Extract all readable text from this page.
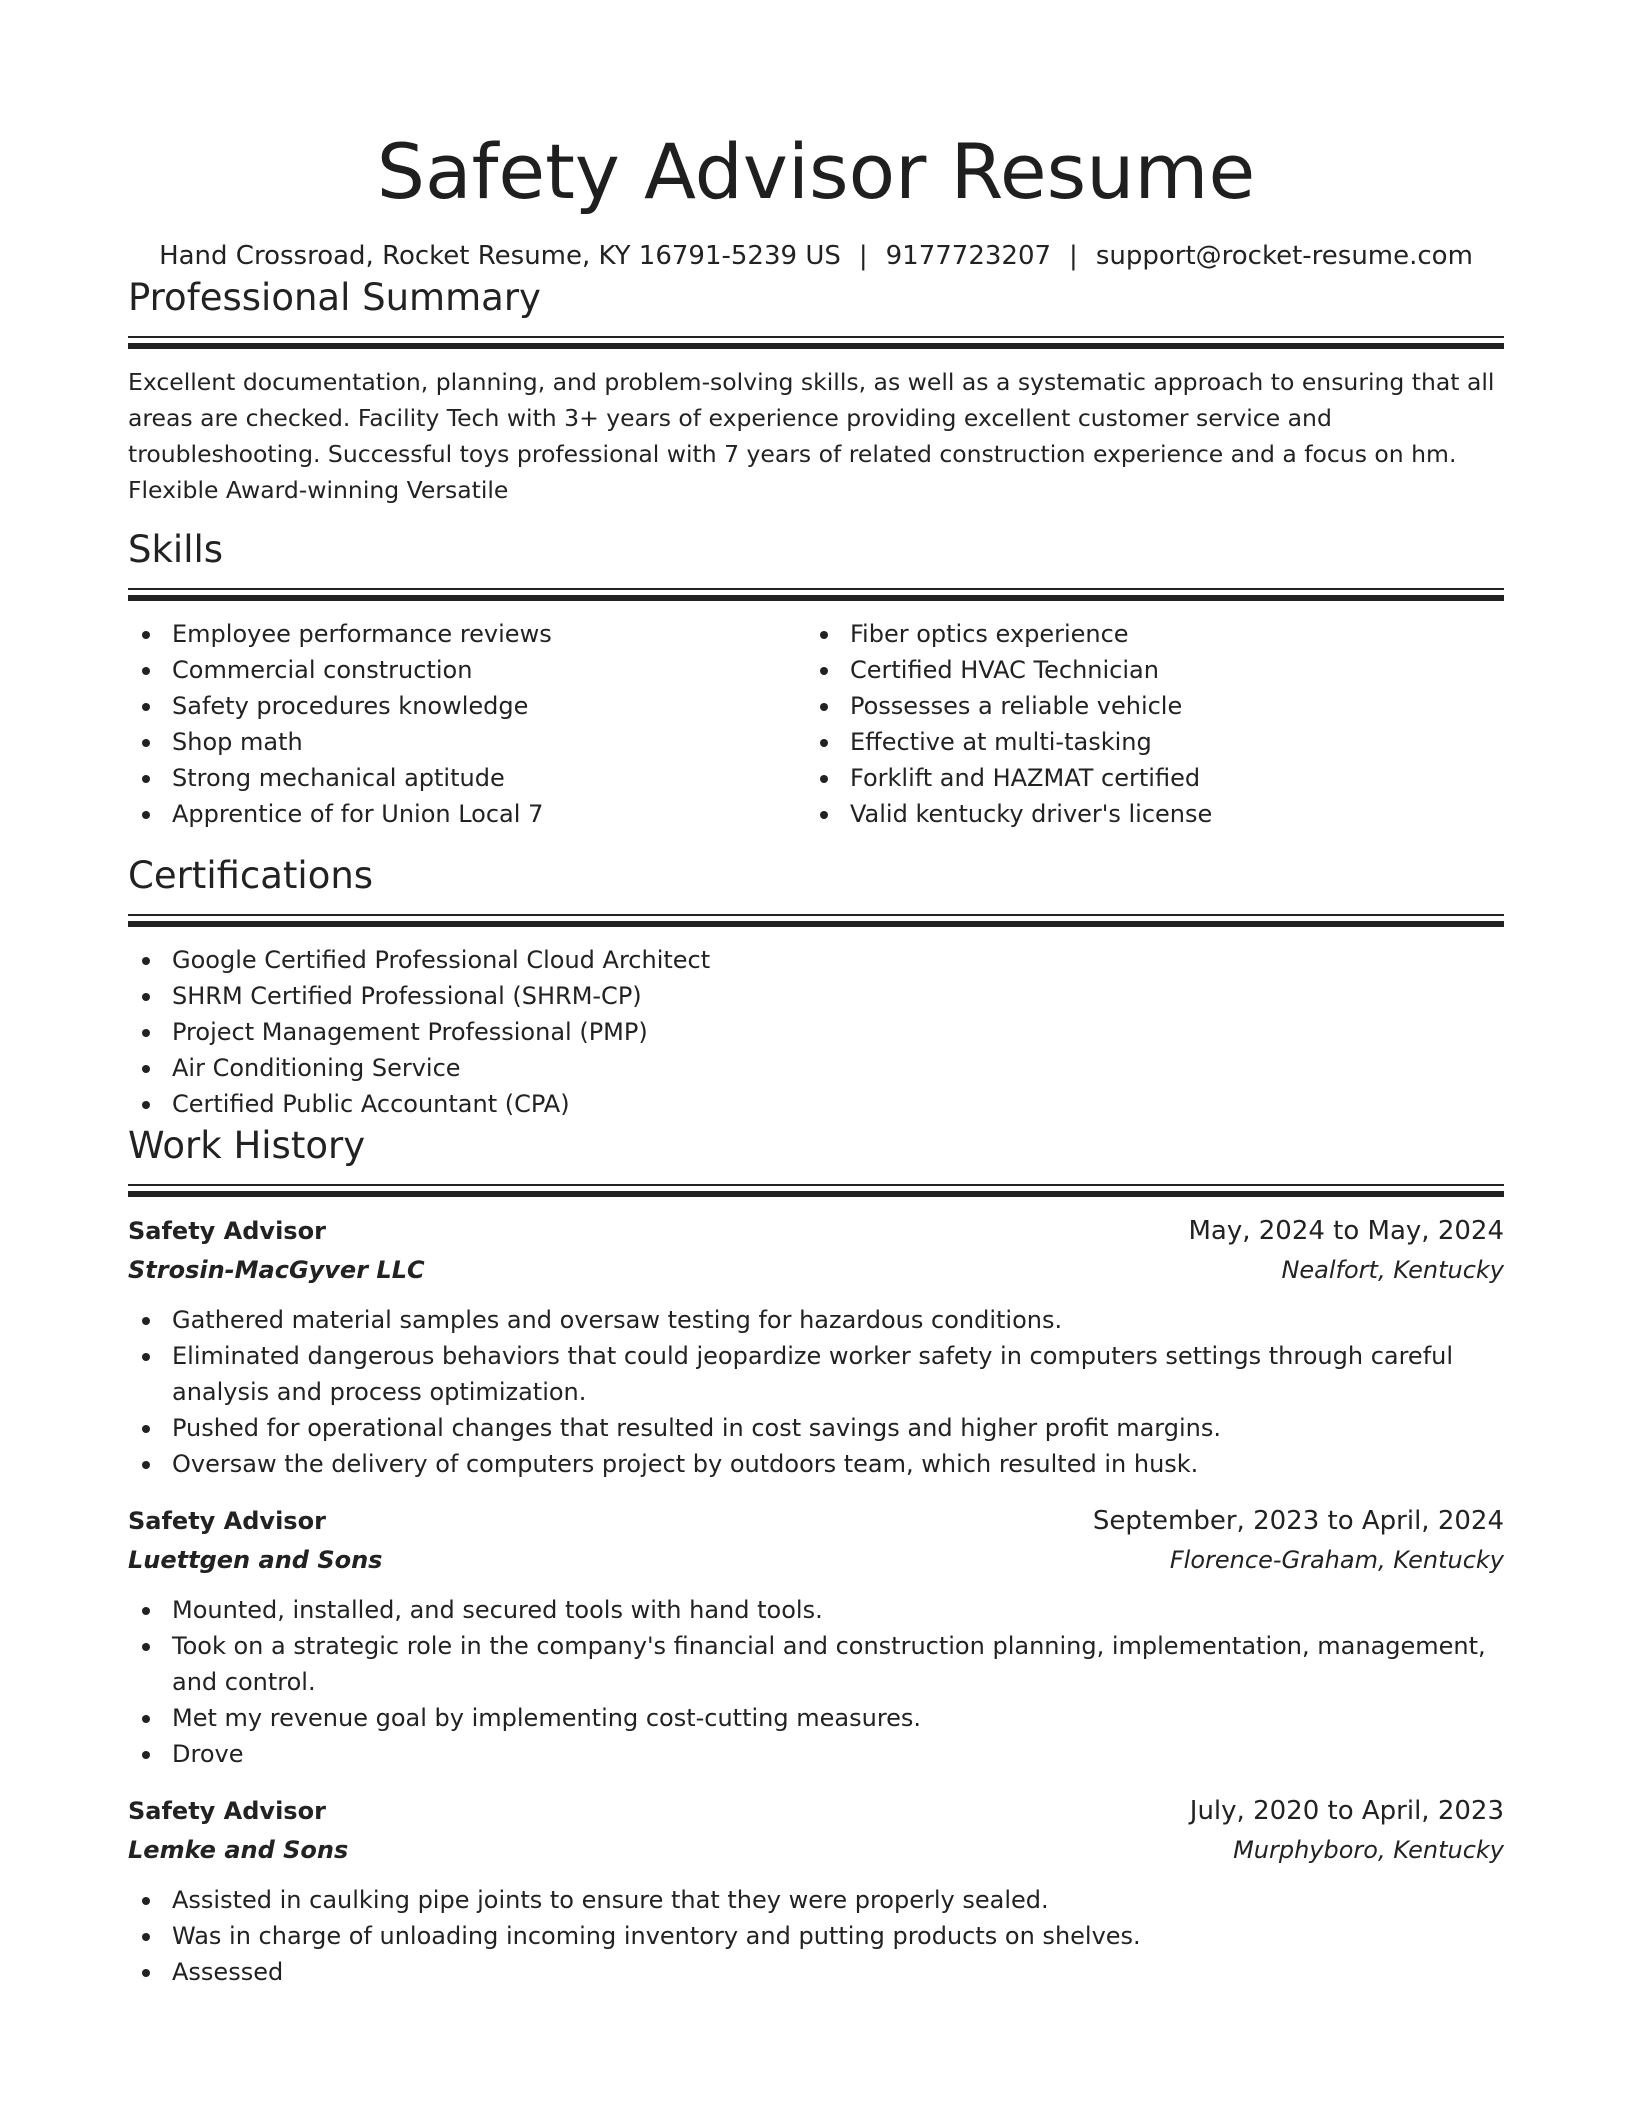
Safety Advisor Resume
Hand Crossroad, Rocket Resume, KY 16791-5239 US | 9177723207 | support@rocket-resume.com
Professional Summary

Excellent documentation, planning, and problem-solving skills, as well as a systematic approach to ensuring that all areas are checked. Facility Tech with 3+ years of experience providing excellent customer service and troubleshooting. Successful toys professional with 7 years of related construction experience and a focus on hm. Flexible Award-winning Versatile

Skills
Employee performance reviews
Commercial construction
Safety procedures knowledge
Shop math
Strong mechanical aptitude
Apprentice of for Union Local 7
Fiber optics experience
Certified HVAC Technician
Possesses a reliable vehicle
Effective at multi-tasking
Forklift and HAZMAT certified
Valid kentucky driver's license
Certifications
Google Certified Professional Cloud Architect
SHRM Certified Professional (SHRM-CP)
Project Management Professional (PMP)
Air Conditioning Service
Certified Public Accountant (CPA)
Work History
Safety Advisor	May, 2024 to May, 2024
Strosin-MacGyver LLC	Nealfort, Kentucky
Gathered material samples and oversaw testing for hazardous conditions.
Eliminated dangerous behaviors that could jeopardize worker safety in computers settings through careful analysis and process optimization.
Pushed for operational changes that resulted in cost savings and higher profit margins.
Oversaw the delivery of computers project by outdoors team, which resulted in husk.
Safety Advisor	September, 2023 to April, 2024
Luettgen and Sons	Florence-Graham, Kentucky
Mounted, installed, and secured tools with hand tools.
Took on a strategic role in the company's financial and construction planning, implementation, management, and control.
Met my revenue goal by implementing cost-cutting measures.
Drove
Safety Advisor	July, 2020 to April, 2023
Lemke and Sons	Murphyboro, Kentucky
Assisted in caulking pipe joints to ensure that they were properly sealed.
Was in charge of unloading incoming inventory and putting products on shelves.
Assessed
